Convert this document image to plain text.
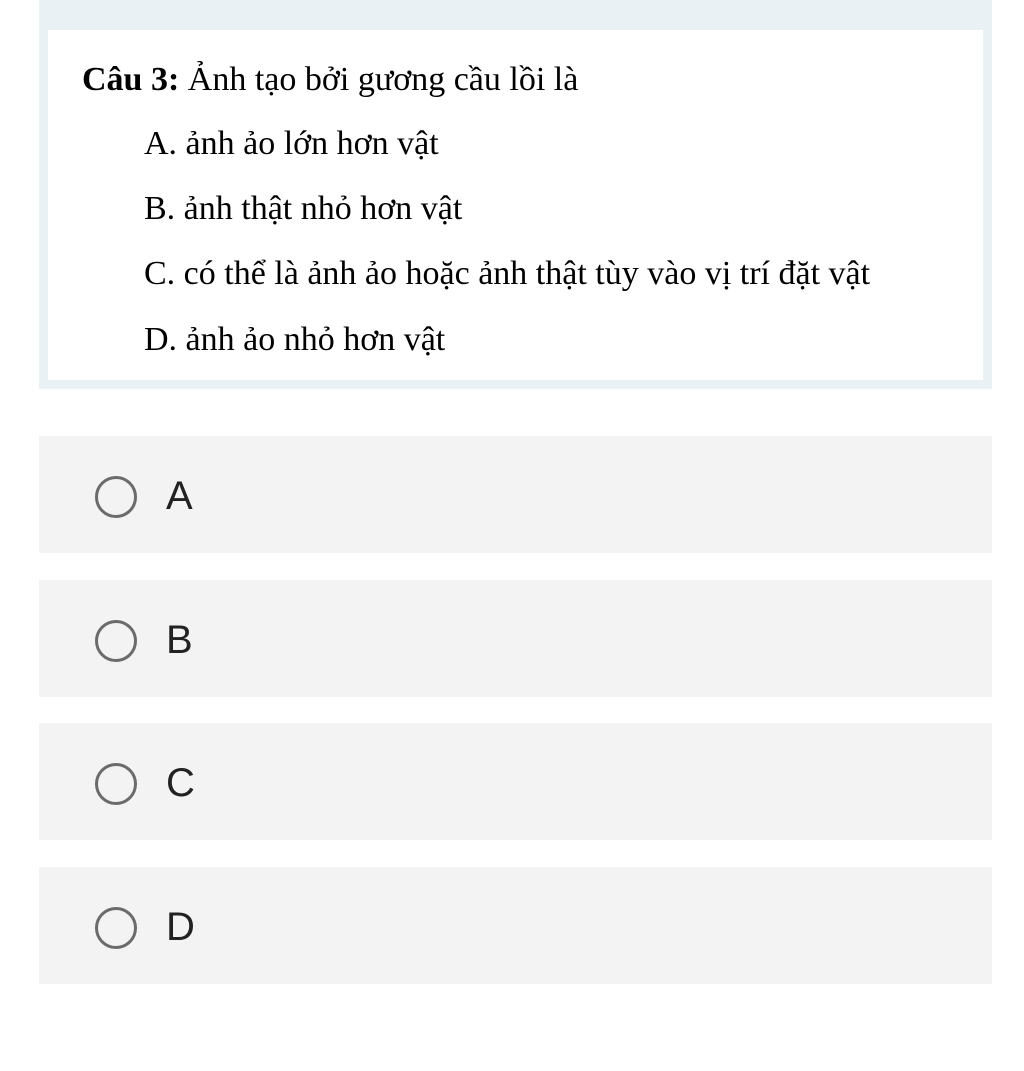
Câu 3: Ảnh tạo bởi gương cầu lồi là
A. ảnh ảo lớn hơn vật
B. ảnh thật nhỏ hơn vật
C. có thể là ảnh ảo hoặc ảnh thật tùy vào vị trí đặt vật
D. ảnh ảo nhỏ hơn vật
A
B
C
D
